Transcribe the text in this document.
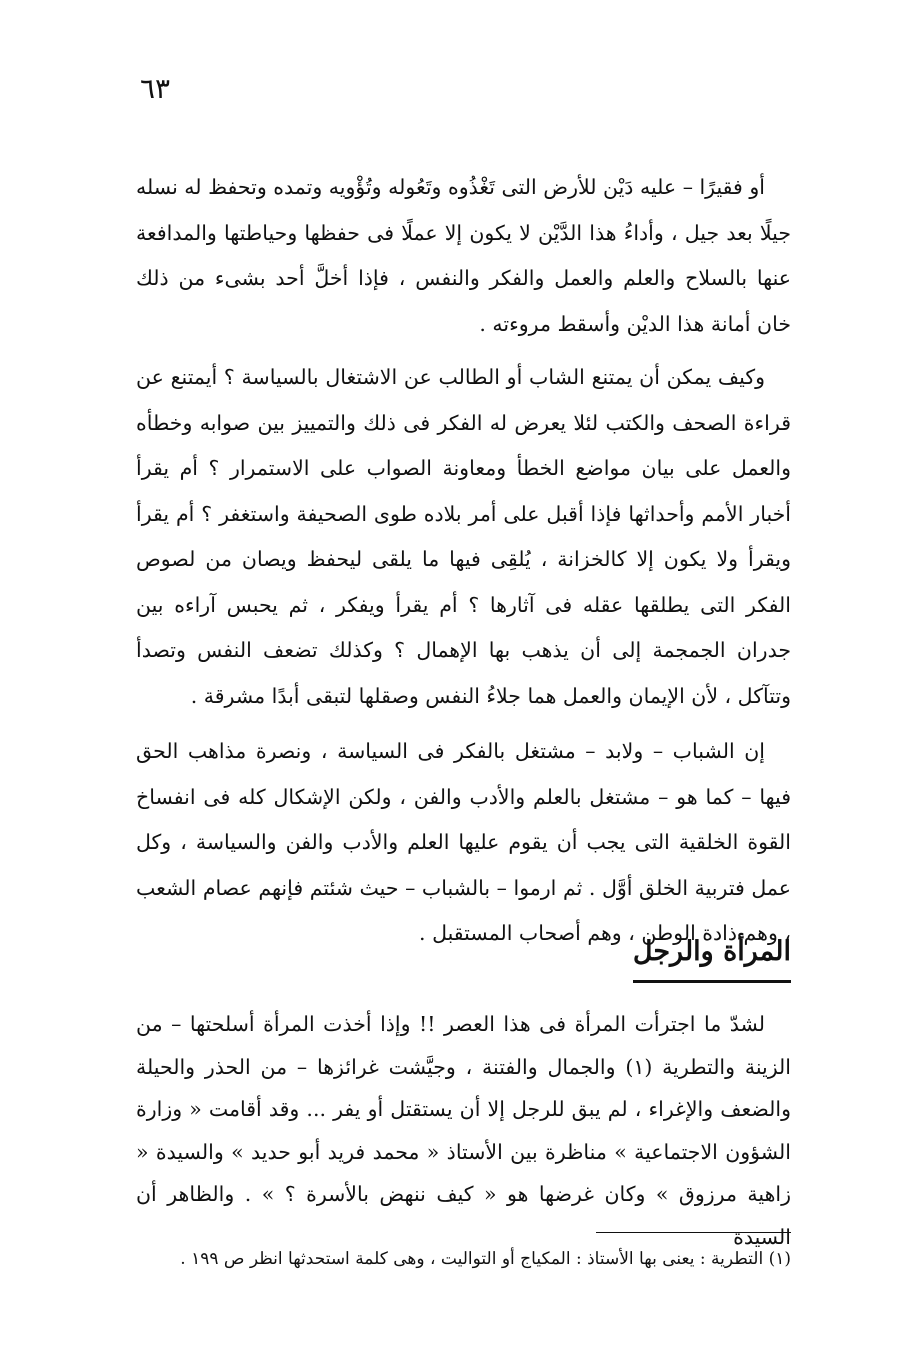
٦٣

أو فقيرًا – عليه دَيْن للأرض التى تَغْذُوه وتَعُوله وتُؤْويه وتمده وتحفظ له نسله جيلًا بعد جيل ، وأداءُ هذا الدَّيْن لا يكون إلا عملًا فى حفظها وحياطتها والمدافعة عنها بالسلاح والعلم والعمل والفكر والنفس ، فإذا أخلَّ أحد بشىء من ذلك خان أمانة هذا الديْن وأسقط مروءته .

وكيف يمكن أن يمتنع الشاب أو الطالب عن الاشتغال بالسياسة ؟ أيمتنع عن قراءة الصحف والكتب لئلا يعرض له الفكر فى ذلك والتمييز بين صوابه وخطأه والعمل على بيان مواضع الخطأ ومعاونة الصواب على الاستمرار ؟ أم يقرأ أخبار الأمم وأحداثها فإذا أقبل على أمر بلاده طوى الصحيفة واستغفر ؟ أم يقرأ ويقرأ ولا يكون إلا كالخزانة ، يُلقِى فيها ما يلقى ليحفظ ويصان من لصوص الفكر التى يطلقها عقله فى آثارها ؟ أم يقرأ ويفكر ، ثم يحبس آراءه بين جدران الجمجمة إلى أن يذهب بها الإهمال ؟ وكذلك تضعف النفس وتصدأ وتتآكل ، لأن الإيمان والعمل هما جلاءُ النفس وصقلها لتبقى أبدًا مشرقة .

إن الشباب – ولابد – مشتغل بالفكر فى السياسة ، ونصرة مذاهب الحق فيها – كما هو – مشتغل بالعلم والأدب والفن ، ولكن الإشكال كله فى انفساخ القوة الخلقية التى يجب أن يقوم عليها العلم والأدب والفن والسياسة ، وكل عمل فتربية الخلق أوَّل . ثم ارموا – بالشباب – حيث شئتم فإنهم عصام الشعب ، وهم ذادة الوطن ، وهم أصحاب المستقبل .

المرأة والرجل

لشدّ ما اجترأت المرأة فى هذا العصر !! وإذا أخذت المرأة أسلحتها – من الزينة والتطرية (١) والجمال والفتنة ، وجيَّشت غرائزها – من الحذر والحيلة والضعف والإغراء ، لم يبق للرجل إلا أن يستقتل أو يفر ... وقد أقامت « وزارة الشؤون الاجتماعية » مناظرة بين الأستاذ « محمد فريد أبو حديد » والسيدة « زاهية مرزوق » وكان غرضها هو « كيف ننهض بالأسرة ؟ » . والظاهر أن السيدة

(١) التطرية : يعنى بها الأستاذ : المكياج أو التواليت ، وهى كلمة استحدثها انظر ص ١٩٩ .
